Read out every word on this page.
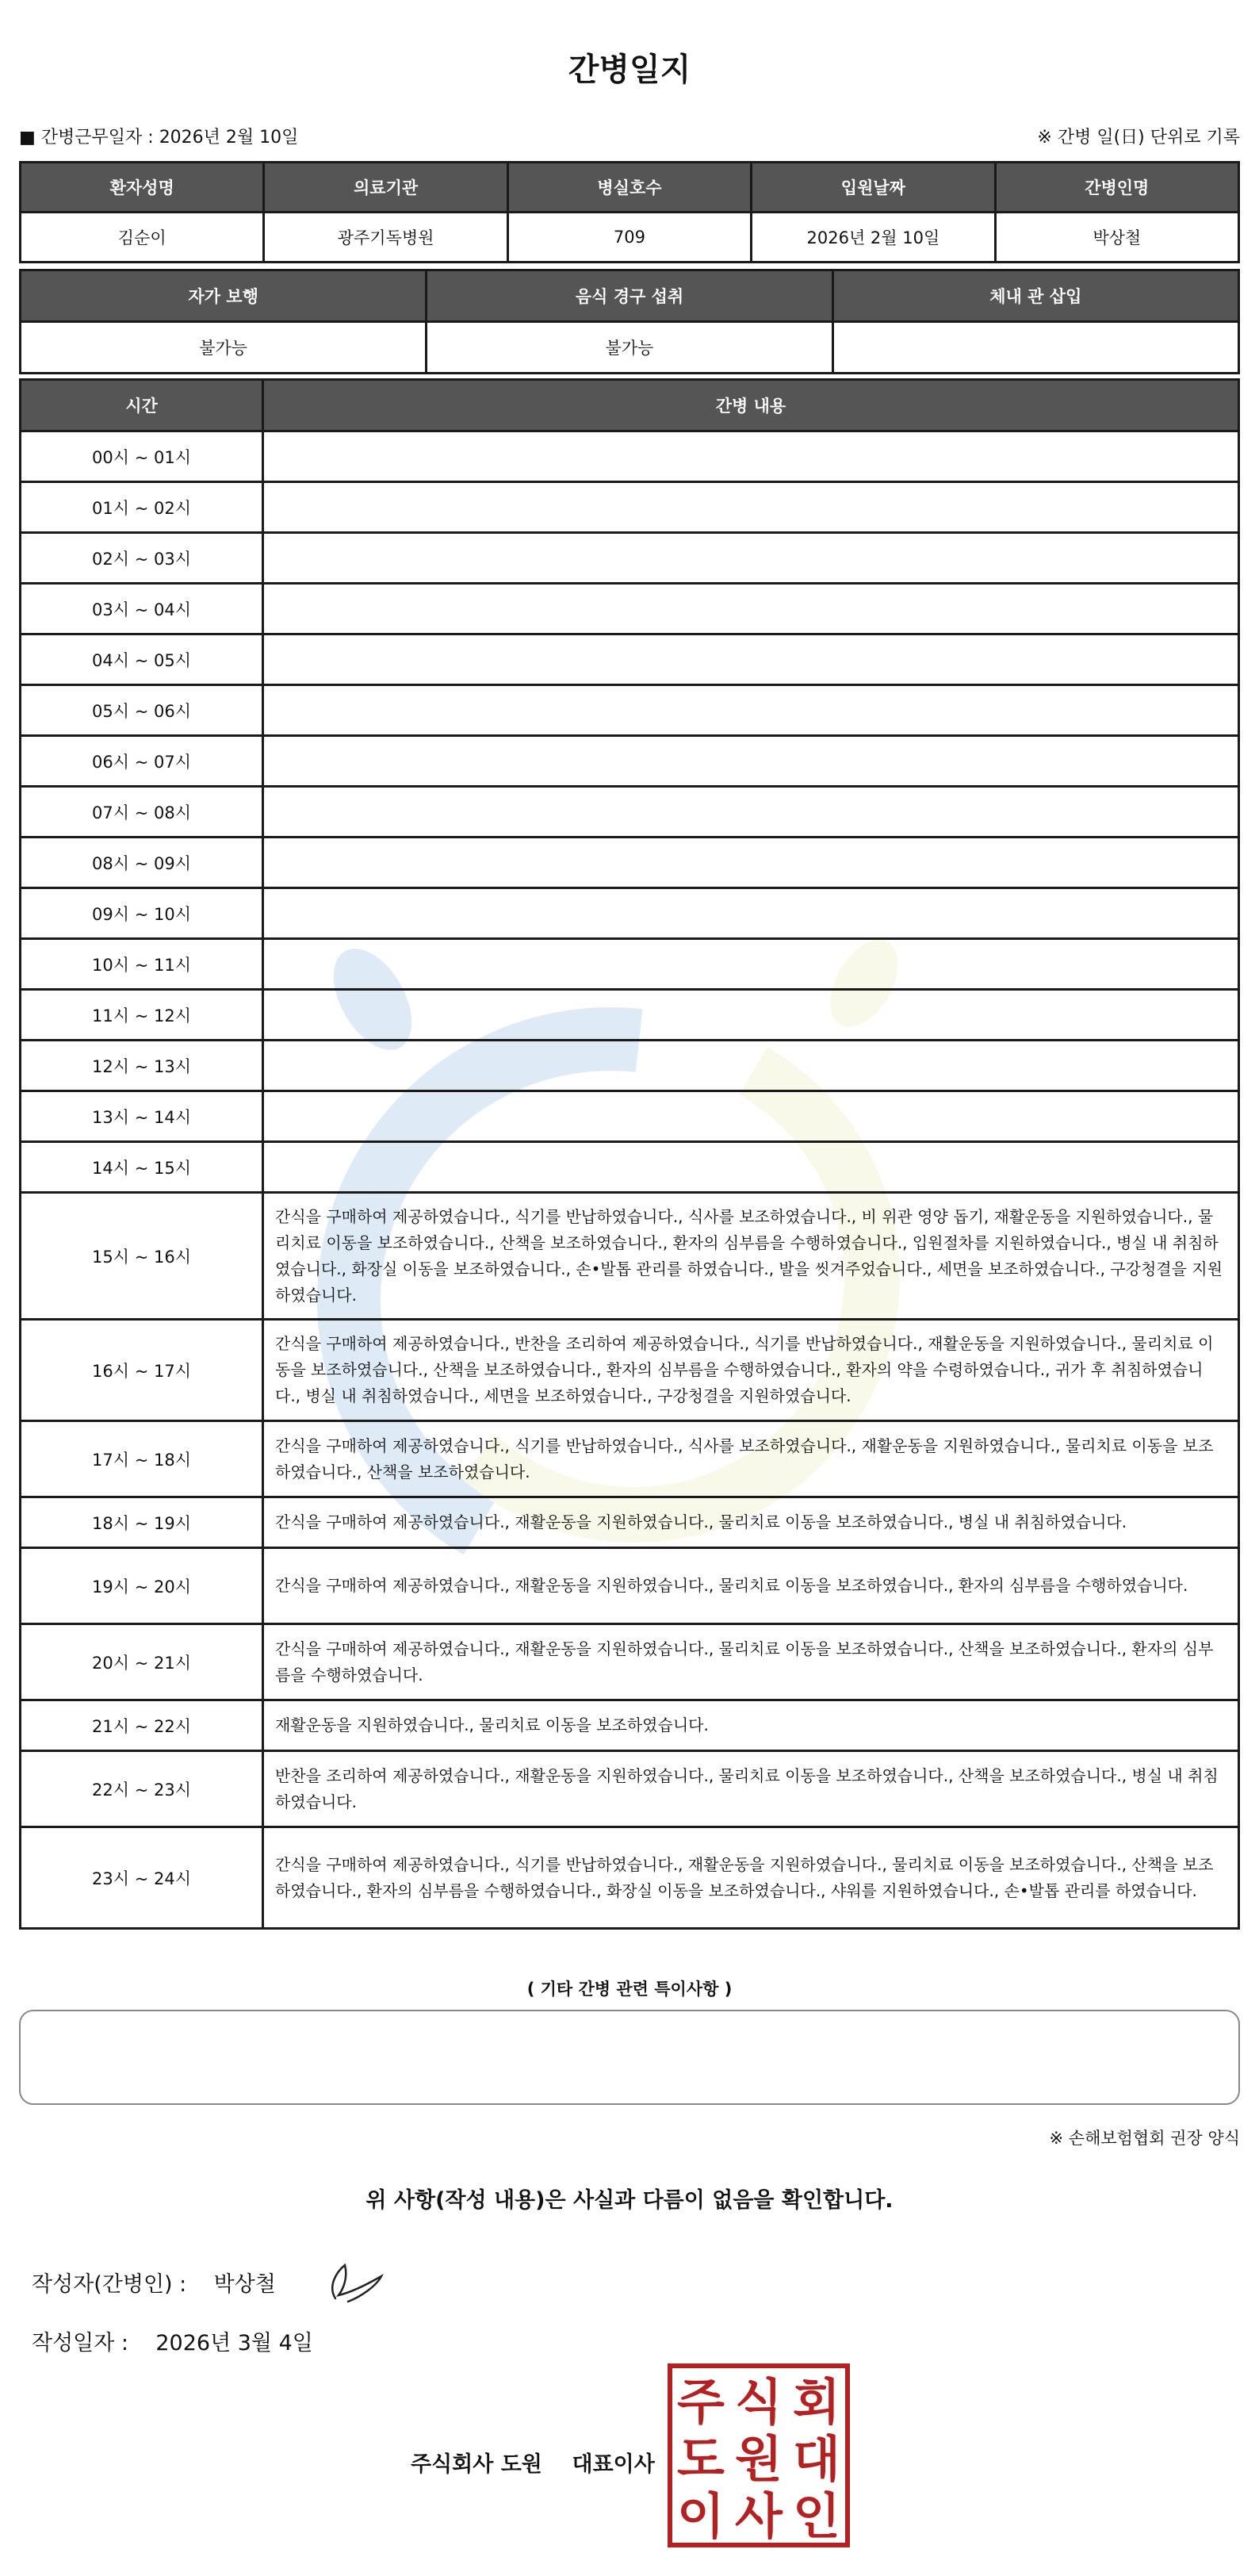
간병일지
■ 간병근무일자 : 2026년 2월 10일	※ 간병 일(日) 단위로 기록
환자성명	의료기관	병실호수	입원날짜	간병인명
김순이	광주기독병원	709	2026년 2월 10일	박상철
자가 보행	음식 경구 섭취	체내 관 삽입
불가능	불가능	
시간	간병 내용
00시 ~ 01시	
01시 ~ 02시	
02시 ~ 03시	
03시 ~ 04시	
04시 ~ 05시	
05시 ~ 06시	
06시 ~ 07시	
07시 ~ 08시	
08시 ~ 09시	
09시 ~ 10시	
10시 ~ 11시	
11시 ~ 12시	
12시 ~ 13시	
13시 ~ 14시	
14시 ~ 15시	
15시 ~ 16시	간식을 구매하여 제공하였습니다., 식기를 반납하였습니다., 식사를 보조하였습니다., 비 위관 영양 돕기, 재활운동을 지원하였습니다., 물리치료 이동을 보조하였습니다., 산책을 보조하였습니다., 환자의 심부름을 수행하였습니다., 입원절차를 지원하였습니다., 병실 내 취침하였습니다., 화장실 이동을 보조하였습니다., 손•발톱 관리를 하였습니다., 발을 씻겨주었습니다., 세면을 보조하였습니다., 구강청결을 지원하였습니다.
16시 ~ 17시	간식을 구매하여 제공하였습니다., 반찬을 조리하여 제공하였습니다., 식기를 반납하였습니다., 재활운동을 지원하였습니다., 물리치료 이동을 보조하였습니다., 산책을 보조하였습니다., 환자의 심부름을 수행하였습니다., 환자의 약을 수령하였습니다., 귀가 후 취침하였습니다., 병실 내 취침하였습니다., 세면을 보조하였습니다., 구강청결을 지원하였습니다.
17시 ~ 18시	간식을 구매하여 제공하였습니다., 식기를 반납하였습니다., 식사를 보조하였습니다., 재활운동을 지원하였습니다., 물리치료 이동을 보조하였습니다., 산책을 보조하였습니다.
18시 ~ 19시	간식을 구매하여 제공하였습니다., 재활운동을 지원하였습니다., 물리치료 이동을 보조하였습니다., 병실 내 취침하였습니다.
19시 ~ 20시	간식을 구매하여 제공하였습니다., 재활운동을 지원하였습니다., 물리치료 이동을 보조하였습니다., 환자의 심부름을 수행하였습니다.
20시 ~ 21시	간식을 구매하여 제공하였습니다., 재활운동을 지원하였습니다., 물리치료 이동을 보조하였습니다., 산책을 보조하였습니다., 환자의 심부름을 수행하였습니다.
21시 ~ 22시	재활운동을 지원하였습니다., 물리치료 이동을 보조하였습니다.
22시 ~ 23시	반찬을 조리하여 제공하였습니다., 재활운동을 지원하였습니다., 물리치료 이동을 보조하였습니다., 산책을 보조하였습니다., 병실 내 취침하였습니다.
23시 ~ 24시	간식을 구매하여 제공하였습니다., 식기를 반납하였습니다., 재활운동을 지원하였습니다., 물리치료 이동을 보조하였습니다., 산책을 보조하였습니다., 환자의 심부름을 수행하였습니다., 화장실 이동을 보조하였습니다., 샤워를 지원하였습니다., 손•발톱 관리를 하였습니다.
( 기타 간병 관련 특이사항 )
※ 손해보험협회 권장 양식
위 사항(작성 내용)은 사실과 다름이 없음을 확인합니다.
작성자(간병인) : 박상철
작성일자 : 2026년 3월 4일
주식회사 도원    대표이사
주 식 회
도 원 대
이 사 인
